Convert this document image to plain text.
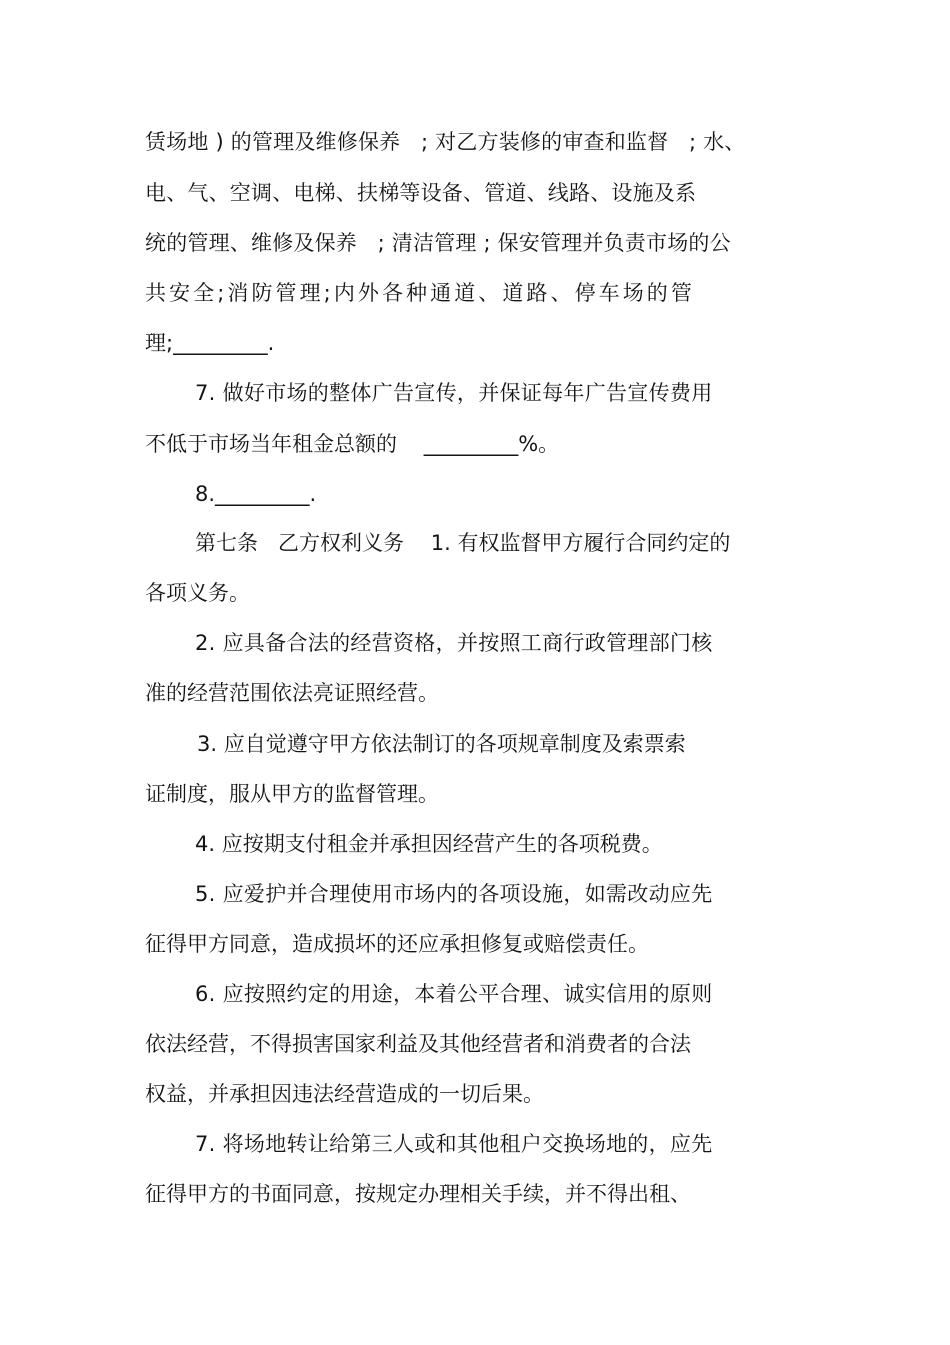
赁场地 ) 的管理及维修保养   ; 对乙方装修的审查和监督   ; 水、
电、气、空调、电梯、扶梯等设备、管道、线路、设施及系
统的管理、维修及保养   ; 清洁管理 ; 保安管理并负责市场的公
共 安 全 ; 消 防 管 理 ; 内 外 各 种 通 道 、 道 路 、 停 车 场 的 管
理;_________.
7. 做好市场的整体广告宣传，并保证每年广告宣传费用
不低于市场当年租金总额的    _________%。
8._________.
第七条   乙方权利义务    1. 有权监督甲方履行合同约定的
各项义务。
2. 应具备合法的经营资格，并按照工商行政管理部门核
准的经营范围依法亮证照经营。
3. 应自觉遵守甲方依法制订的各项规章制度及索票索
证制度，服从甲方的监督管理。
4. 应按期支付租金并承担因经营产生的各项税费。
5. 应爱护并合理使用市场内的各项设施，如需改动应先
征得甲方同意，造成损坏的还应承担修复或赔偿责任。
6. 应按照约定的用途，本着公平合理、诚实信用的原则
依法经营，不得损害国家利益及其他经营者和消费者的合法
权益，并承担因违法经营造成的一切后果。
7. 将场地转让给第三人或和其他租户交换场地的，应先
征得甲方的书面同意，按规定办理相关手续，并不得出租、
